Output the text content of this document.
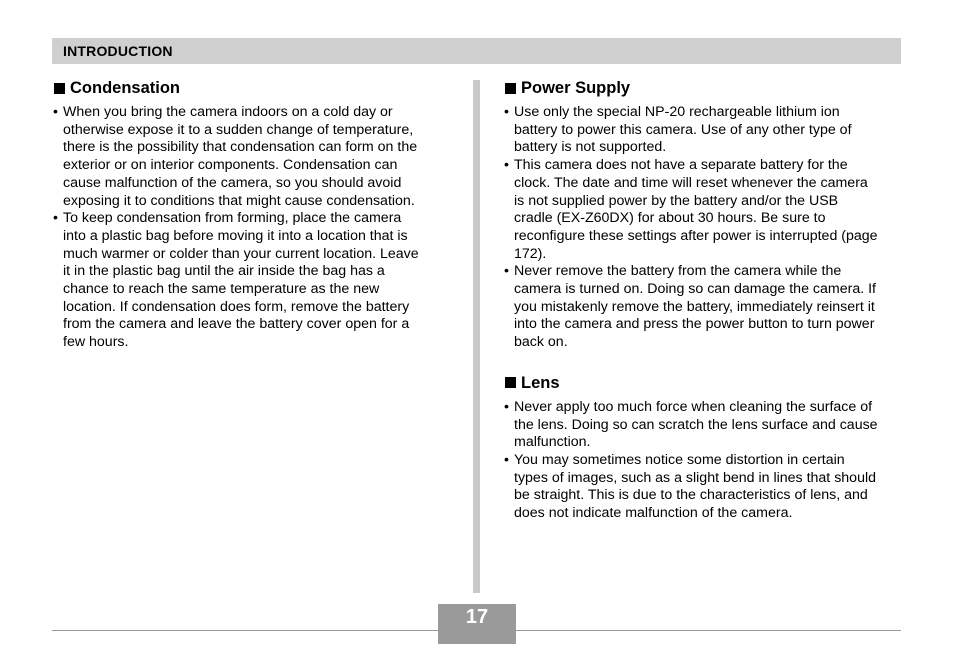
INTRODUCTION
Condensation
• When you bring the camera indoors on a cold day or
otherwise expose it to a sudden change of temperature,
there is the possibility that condensation can form on the
exterior or on interior components. Condensation can
cause malfunction of the camera, so you should avoid
exposing it to conditions that might cause condensation.
• To keep condensation from forming, place the camera
into a plastic bag before moving it into a location that is
much warmer or colder than your current location. Leave
it in the plastic bag until the air inside the bag has a
chance to reach the same temperature as the new
location. If condensation does form, remove the battery
from the camera and leave the battery cover open for a
few hours.
Power Supply
• Use only the special NP-20 rechargeable lithium ion
battery to power this camera. Use of any other type of
battery is not supported.
• This camera does not have a separate battery for the
clock. The date and time will reset whenever the camera
is not supplied power by the battery and/or the USB
cradle (EX-Z60DX) for about 30 hours. Be sure to
reconfigure these settings after power is interrupted (page
172).
• Never remove the battery from the camera while the
camera is turned on. Doing so can damage the camera. If
you mistakenly remove the battery, immediately reinsert it
into the camera and press the power button to turn power
back on.
Lens
• Never apply too much force when cleaning the surface of
the lens. Doing so can scratch the lens surface and cause
malfunction.
• You may sometimes notice some distortion in certain
types of images, such as a slight bend in lines that should
be straight. This is due to the characteristics of lens, and
does not indicate malfunction of the camera.
17
